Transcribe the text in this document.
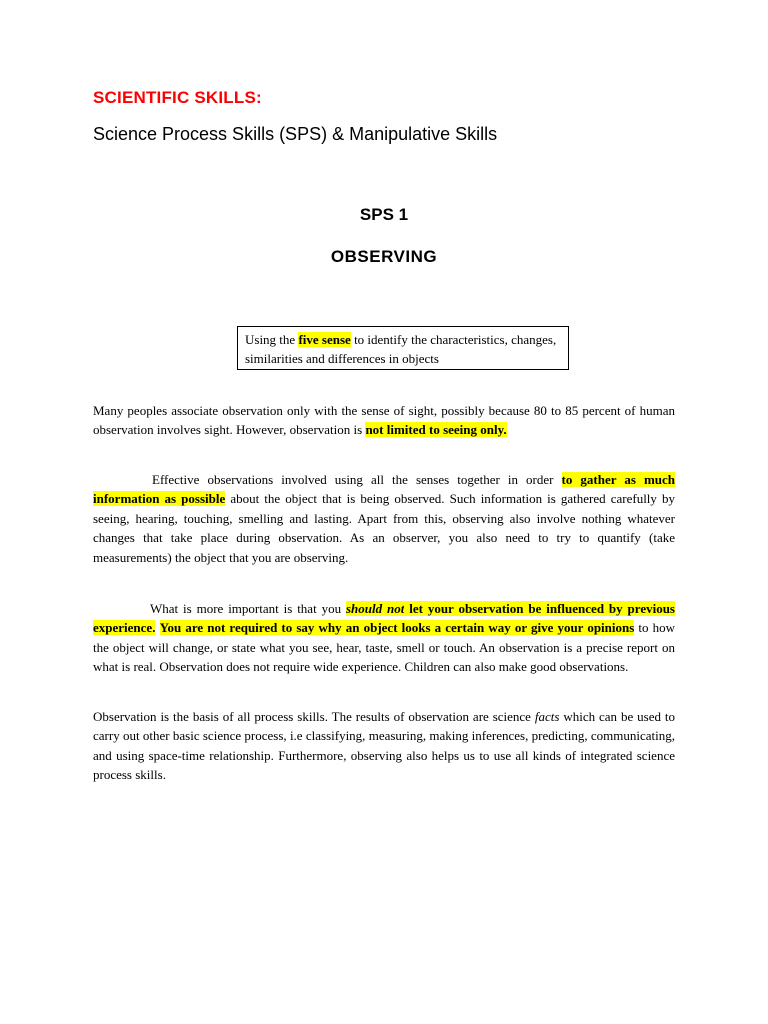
SCIENTIFIC SKILLS:
Science Process Skills (SPS) & Manipulative Skills
SPS 1
OBSERVING
Using the five sense to identify the characteristics, changes, similarities and differences in objects
Many peoples associate observation only with the sense of sight, possibly because 80 to 85 percent of human observation involves sight. However, observation is not limited to seeing only.
Effective observations involved using all the senses together in order to gather as much information as possible about the object that is being observed. Such information is gathered carefully by seeing, hearing, touching, smelling and lasting. Apart from this, observing also involve nothing whatever changes that take place during observation. As an observer, you also need to try to quantify (take measurements) the object that you are observing.
What is more important is that you should not let your observation be influenced by previous experience. You are not required to say why an object looks a certain way or give your opinions to how the object will change, or state what you see, hear, taste, smell or touch. An observation is a precise report on what is real. Observation does not require wide experience. Children can also make good observations.
Observation is the basis of all process skills. The results of observation are science facts which can be used to carry out other basic science process, i.e classifying, measuring, making inferences, predicting, communicating, and using space-time relationship. Furthermore, observing also helps us to use all kinds of integrated science process skills.
